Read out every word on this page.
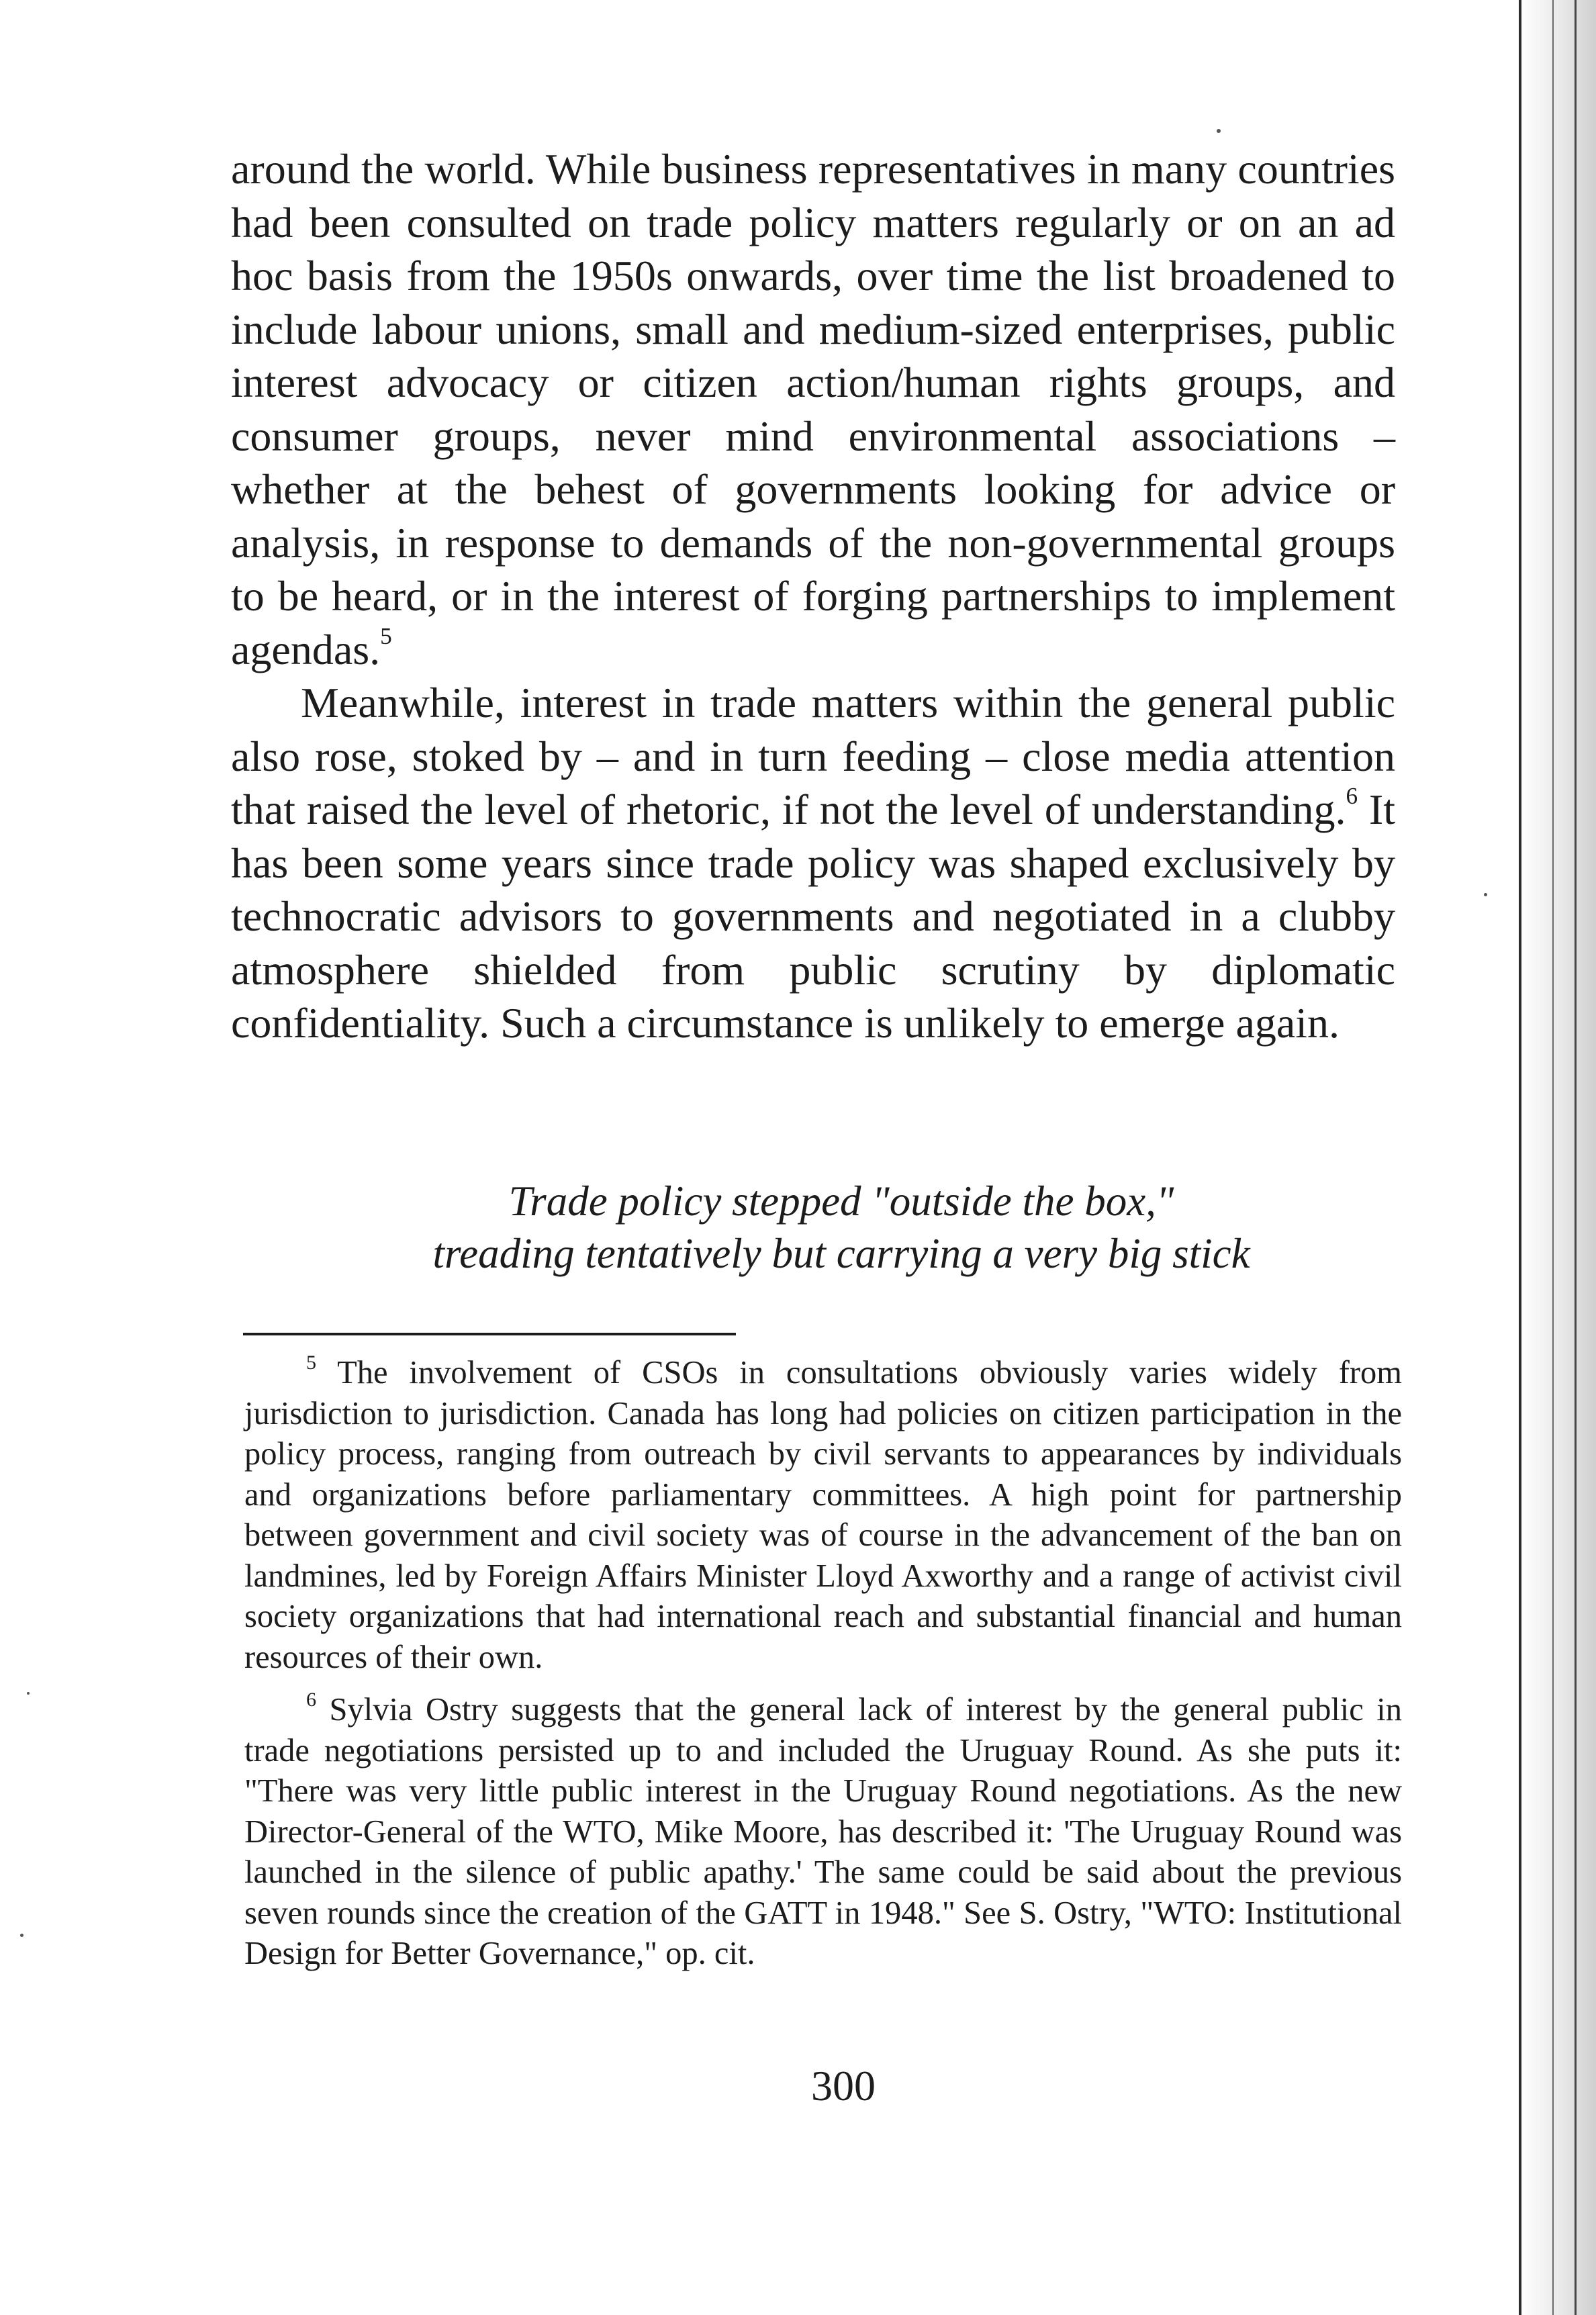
around the world. While business representatives in many countries had been consulted on trade policy matters regularly or on an ad hoc basis from the 1950s onwards, over time the list broadened to include labour unions, small and medium-sized enterprises, public interest advocacy or citizen action/human rights groups, and consumer groups, never mind environmental associations – whether at the behest of governments looking for advice or analysis, in response to demands of the non-governmental groups to be heard, or in the interest of forging partnerships to implement agendas.$^5$

Meanwhile, interest in trade matters within the general public also rose, stoked by – and in turn feeding – close media attention that raised the level of rhetoric, if not the level of understanding.$^6$ It has been some years since trade policy was shaped exclusively by technocratic advisors to governments and negotiated in a clubby atmosphere shielded from public scrutiny by diplomatic confidentiality. Such a circumstance is unlikely to emerge again.

Trade policy stepped "outside the box,"
treading tentatively but carrying a very big stick

$^5$ The involvement of CSOs in consultations obviously varies widely from jurisdiction to jurisdiction. Canada has long had policies on citizen participation in the policy process, ranging from outreach by civil servants to appearances by individuals and organizations before parliamentary committees. A high point for partnership between government and civil society was of course in the advancement of the ban on landmines, led by Foreign Affairs Minister Lloyd Axworthy and a range of activist civil society organizations that had international reach and substantial financial and human resources of their own.

$^6$ Sylvia Ostry suggests that the general lack of interest by the general public in trade negotiations persisted up to and included the Uruguay Round. As she puts it: "There was very little public interest in the Uruguay Round negotiations. As the new Director-General of the WTO, Mike Moore, has described it: 'The Uruguay Round was launched in the silence of public apathy.' The same could be said about the previous seven rounds since the creation of the GATT in 1948." See S. Ostry, "WTO: Institutional Design for Better Governance," op. cit.

300
